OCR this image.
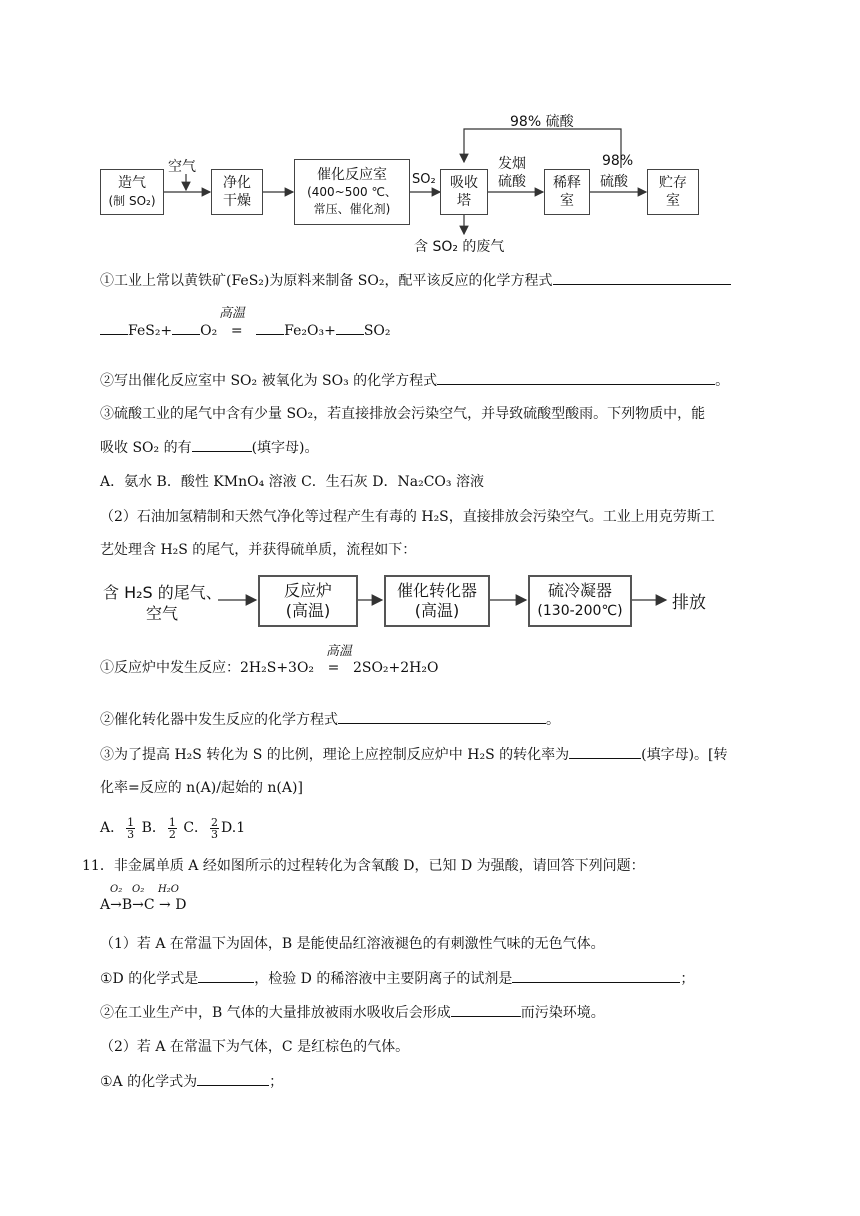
98% 硫酸
空气
SO₂
发烟
硫酸
98%
硫酸
含 SO₂ 的废气
造气
(制 SO₂)
净化
干燥
催化反应室
(400~500 ℃、
常压、催化剂)
吸收
塔
稀释
室
贮存
室
①工业上常以黄铁矿(FeS₂)为原料来制备 SO₂，配平该反应的化学方程式
高温
FeS₂+ O₂ =	Fe₂O₃+ SO₂
②写出催化反应室中 SO₂ 被氧化为 SO₃ 的化学方程式	。
③硫酸工业的尾气中含有少量 SO₂，若直接排放会污染空气，并导致硫酸型酸雨。下列物质中，能
吸收 SO₂ 的有	(填字母)。
A．氨水 B．酸性 KMnO₄ 溶液 C．生石灰 D．Na₂CO₃ 溶液
（2）石油加氢精制和天然气净化等过程产生有毒的 H₂S，直接排放会污染空气。工业上用克劳斯工
艺处理含 H₂S 的尾气，并获得硫单质，流程如下：
含 H₂S 的尾气、
空气
反应炉
(高温)
催化转化器
(高温)
硫冷凝器
(130-200℃)	排放
高温
①反应炉中发生反应：2H₂S+3O₂ = 2SO₂+2H₂O
②催化转化器中发生反应的化学方程式	。
③为了提高 H₂S 转化为 S 的比例，理论上应控制反应炉中 H₂S 的转化率为	(填字母)。[转
化率=反应的 n(A)/起始的 n(A)]
A． $\frac{1}{3}$ B． $\frac{1}{2}$ C． $\frac{2}{3} D.1$
11．非金属单质 A 经如图所示的过程转化为含氧酸 D，已知 D 为强酸，请回答下列问题：
O₂ O₂ H₂O
A→B→C → D
（1）若 A 在常温下为固体，B 是能使品红溶液褪色的有刺激性气味的无色气体。
①D 的化学式是	，检验 D 的稀溶液中主要阴离子的试剂是	；
②在工业生产中，B 气体的大量排放被雨水吸收后会形成	而污染环境。
（2）若 A 在常温下为气体，C 是红棕色的气体。
①A 的化学式为	；
